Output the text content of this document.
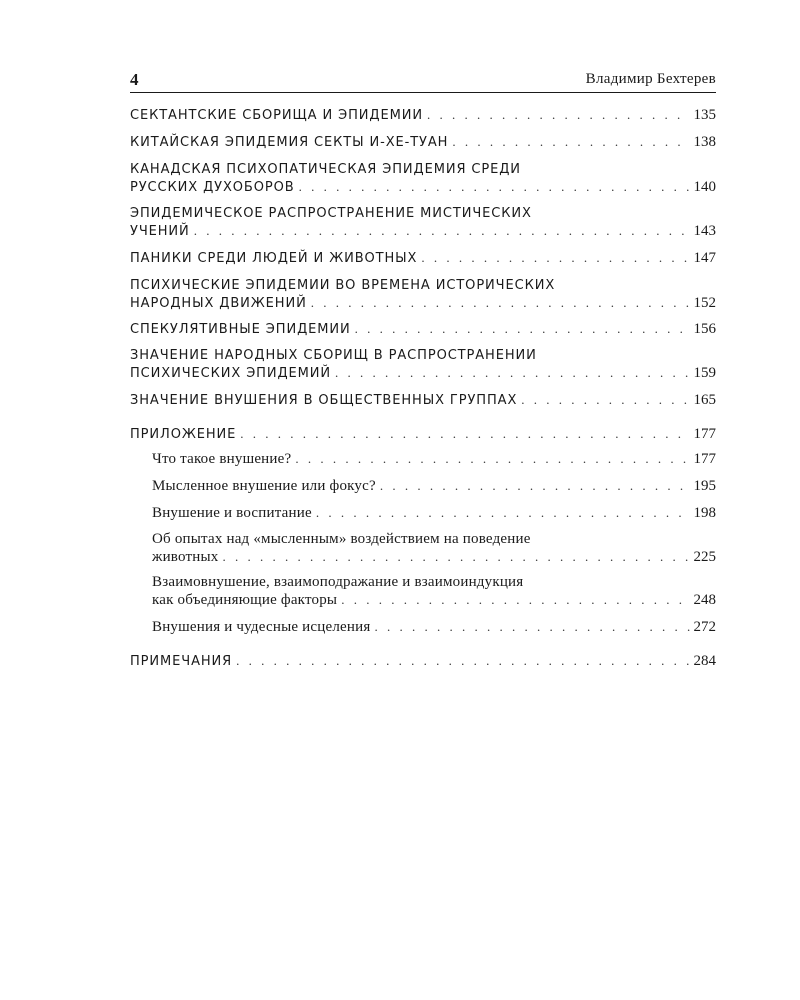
4	Владимир Бехтерев
СЕКТАНТСКИЕ СБОРИЩА И ЭПИДЕМИИ . . .	135
КИТАЙСКАЯ ЭПИДЕМИЯ СЕКТЫ И-ХЕ-ТУАН . . .	138
КАНАДСКАЯ ПСИХОПАТИЧЕСКАЯ ЭПИДЕМИЯ СРЕДИ
РУССКИХ ДУХОБОРОВ . . .	140
ЭПИДЕМИЧЕСКОЕ РАСПРОСТРАНЕНИЕ МИСТИЧЕСКИХ
УЧЕНИЙ . . .	143
ПАНИКИ СРЕДИ ЛЮДЕЙ И ЖИВОТНЫХ . . .	147
ПСИХИЧЕСКИЕ ЭПИДЕМИИ ВО ВРЕМЕНА ИСТОРИЧЕСКИХ
НАРОДНЫХ ДВИЖЕНИЙ . . .	152
СПЕКУЛЯТИВНЫЕ ЭПИДЕМИИ . . .	156
ЗНАЧЕНИЕ НАРОДНЫХ СБОРИЩ В РАСПРОСТРАНЕНИИ
ПСИХИЧЕСКИХ ЭПИДЕМИЙ . . .	159
ЗНАЧЕНИЕ ВНУШЕНИЯ В ОБЩЕСТВЕННЫХ ГРУППАХ . . .	165
ПРИЛОЖЕНИЕ . . .	177
Что такое внушение? . . .	177
Мысленное внушение или фокус? . . .	195
Внушение и воспитание . . .	198
Об опытах над «мысленным» воздействием на поведение
животных . . .	225
Взаимовнушение, взаимоподражание и взаимоиндукция
как объединяющие факторы . . .	248
Внушения и чудесные исцеления . . .	272
ПРИМЕЧАНИЯ . . .	284
